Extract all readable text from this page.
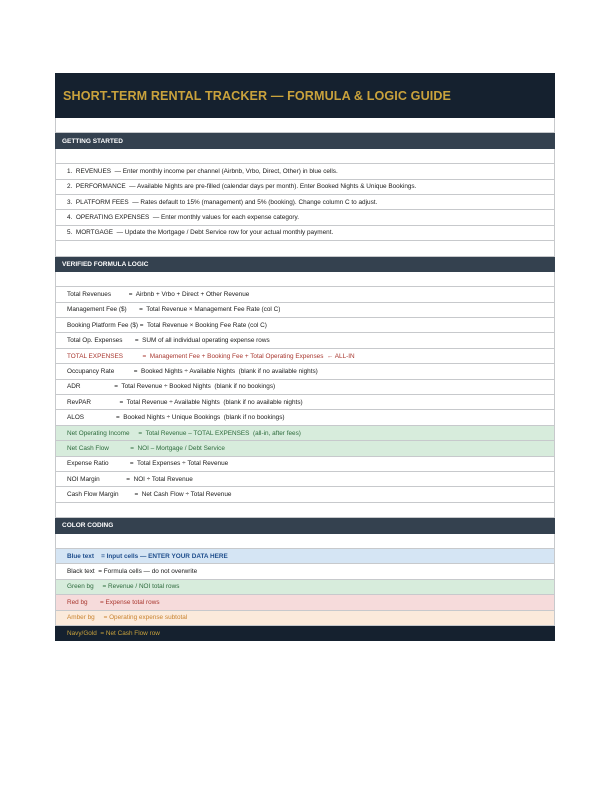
SHORT-TERM RENTAL TRACKER — FORMULA & LOGIC GUIDE
GETTING STARTED
1.  REVENUES  — Enter monthly income per channel (Airbnb, Vrbo, Direct, Other) in blue cells.
2.  PERFORMANCE  — Available Nights are pre-filled (calendar days per month). Enter Booked Nights & Unique Bookings.
3.  PLATFORM FEES  — Rates default to 15% (management) and 5% (booking). Change column C to adjust.
4.  OPERATING EXPENSES  — Enter monthly values for each expense category.
5.  MORTGAGE  — Update the Mortgage / Debt Service row for your actual monthly payment.
VERIFIED FORMULA LOGIC
Total Revenues          =  Airbnb + Vrbo + Direct + Other Revenue
Management Fee ($)       =  Total Revenue × Management Fee Rate (col C)
Booking Platform Fee ($) =  Total Revenue × Booking Fee Rate (col C)
Total Op. Expenses       =  SUM of all individual operating expense rows
TOTAL EXPENSES           =  Management Fee + Booking Fee + Total Operating Expenses  ← ALL-IN
Occupancy Rate           =  Booked Nights ÷ Available Nights  (blank if no available nights)
ADR                   =  Total Revenue ÷ Booked Nights  (blank if no bookings)
RevPAR                =  Total Revenue ÷ Available Nights  (blank if no available nights)
ALOS                  =  Booked Nights ÷ Unique Bookings  (blank if no bookings)
Net Operating Income     =  Total Revenue – TOTAL EXPENSES  (all-in, after fees)
Net Cash Flow            =  NOI – Mortgage / Debt Service
Expense Ratio            =  Total Expenses ÷ Total Revenue
NOI Margin               =  NOI ÷ Total Revenue
Cash Flow Margin         =  Net Cash Flow ÷ Total Revenue
COLOR CODING
Blue text    = Input cells — ENTER YOUR DATA HERE
Black text  = Formula cells — do not overwrite
Green bg     = Revenue / NOI total rows
Red bg       = Expense total rows
Amber bg     = Operating expense subtotal
Navy/Gold  = Net Cash Flow row
